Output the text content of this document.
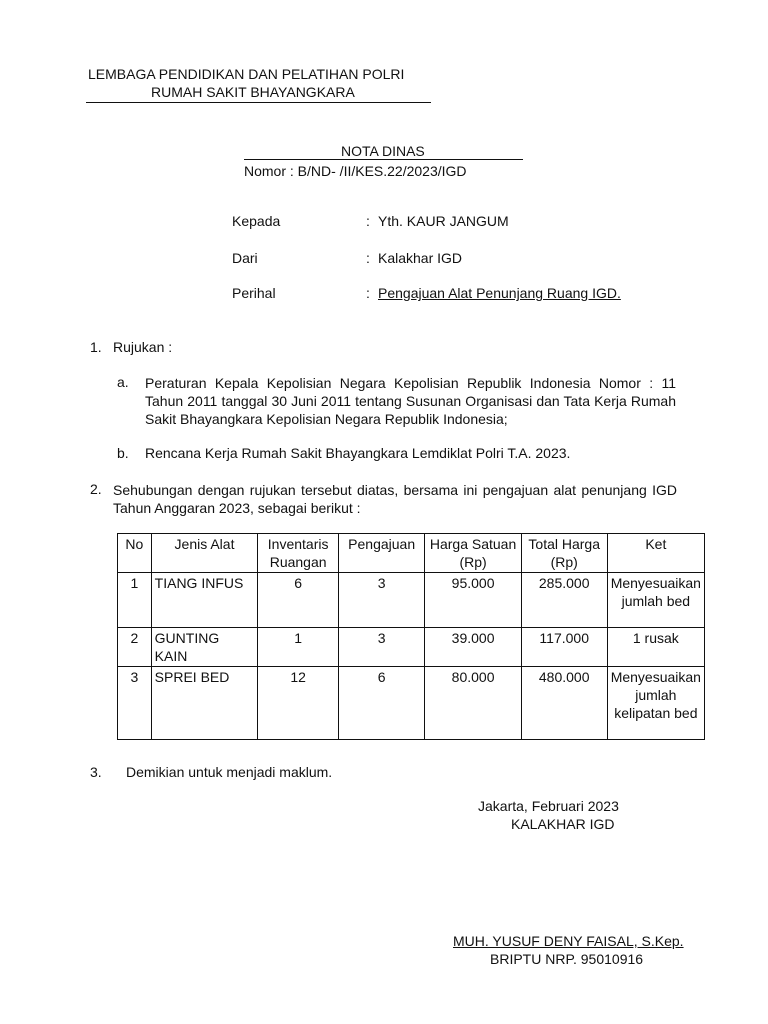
LEMBAGA PENDIDIKAN DAN PELATIHAN POLRI
RUMAH SAKIT BHAYANGKARA
NOTA DINAS
Nomor : B/ND- /II/KES.22/2023/IGD
Kepada	: Yth. KAUR JANGUM
Dari	: Kalakhar IGD
Perihal	: Pengajuan Alat Penunjang Ruang IGD.
1. Rujukan :
a. Peraturan Kepala Kepolisian Negara Kepolisian Republik Indonesia Nomor : 11 Tahun 2011 tanggal 30 Juni 2011 tentang Susunan Organisasi dan Tata Kerja Rumah Sakit Bhayangkara Kepolisian Negara Republik Indonesia;
b. Rencana Kerja Rumah Sakit Bhayangkara Lemdiklat Polri T.A. 2023.
2. Sehubungan dengan rujukan tersebut diatas, bersama ini pengajuan alat penunjang IGD Tahun Anggaran 2023, sebagai berikut :
No	Jenis Alat	Inventaris Ruangan	Pengajuan	Harga Satuan (Rp)	Total Harga (Rp)	Ket
1	TIANG INFUS	6	3	95.000	285.000	Menyesuaikan jumlah bed
2	GUNTING KAIN	1	3	39.000	117.000	1 rusak
3	SPREI BED	12	6	80.000	480.000	Menyesuaikan jumlah kelipatan bed
3. Demikian untuk menjadi maklum.
Jakarta, Februari 2023
KALAKHAR IGD
MUH. YUSUF DENY FAISAL, S.Kep.
BRIPTU NRP. 95010916
